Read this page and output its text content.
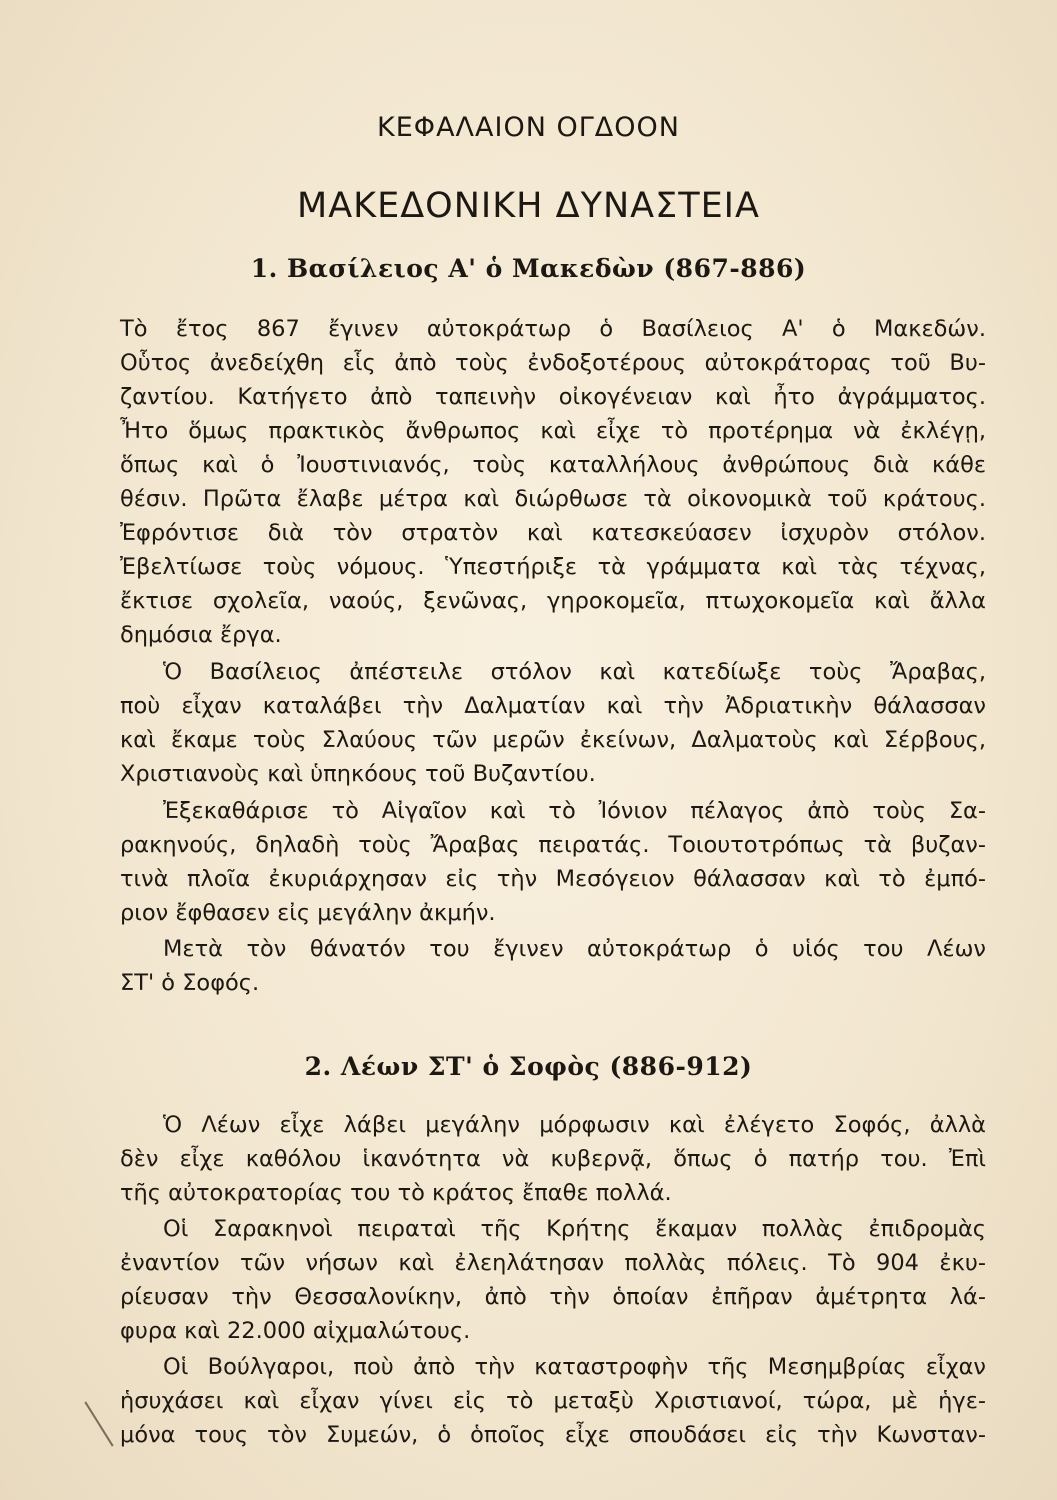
ΚΕΦΑΛΑΙΟΝ ΟΓΔΟΟΝ
ΜΑΚΕΔΟΝΙΚΗ ΔΥΝΑΣΤΕΙΑ
1. Βασίλειος Α' ὁ Μακεδὼν (867-886)
Τὸ ἔτος 867 ἔγινεν αὐτοκράτωρ ὁ Βασίλειος Α' ὁ Μακεδών.
Οὗτος ἀνεδείχθη εἷς ἀπὸ τοὺς ἐνδοξοτέρους αὐτοκράτορας τοῦ Βυ-
ζαντίου. Κατήγετο ἀπὸ ταπεινὴν οἰκογένειαν καὶ ἦτο ἀγράμματος.
Ἦτο ὅμως πρακτικὸς ἄνθρωπος καὶ εἶχε τὸ προτέρημα νὰ ἐκλέγῃ,
ὅπως καὶ ὁ Ἰουστινιανός, τοὺς καταλλήλους ἀνθρώπους διὰ κάθε
θέσιν. Πρῶτα ἔλαβε μέτρα καὶ διώρθωσε τὰ οἰκονομικὰ τοῦ κράτους.
Ἐφρόντισε διὰ τὸν στρατὸν καὶ κατεσκεύασεν ἰσχυρὸν στόλον.
Ἐβελτίωσε τοὺς νόμους. Ὑπεστήριξε τὰ γράμματα καὶ τὰς τέχνας,
ἔκτισε σχολεῖα, ναούς, ξενῶνας, γηροκομεῖα, πτωχοκομεῖα καὶ ἄλλα
δημόσια ἔργα.
Ὁ Βασίλειος ἀπέστειλε στόλον καὶ κατεδίωξε τοὺς Ἄραβας,
ποὺ εἶχαν καταλάβει τὴν Δαλματίαν καὶ τὴν Ἀδριατικὴν θάλασσαν
καὶ ἔκαμε τοὺς Σλαύους τῶν μερῶν ἐκείνων, Δαλματοὺς καὶ Σέρβους,
Χριστιανοὺς καὶ ὑπηκόους τοῦ Βυζαντίου.
Ἐξεκαθάρισε τὸ Αἰγαῖον καὶ τὸ Ἰόνιον πέλαγος ἀπὸ τοὺς Σα-
ρακηνούς, δηλαδὴ τοὺς Ἄραβας πειρατάς. Τοιουτοτρόπως τὰ βυζαν-
τινὰ πλοῖα ἐκυριάρχησαν εἰς τὴν Μεσόγειον θάλασσαν καὶ τὸ ἐμπό-
ριον ἔφθασεν εἰς μεγάλην ἀκμήν.
Μετὰ τὸν θάνατόν του ἔγινεν αὐτοκράτωρ ὁ υἱός του Λέων
ΣΤ' ὁ Σοφός.
2. Λέων ΣΤ' ὁ Σοφὸς (886-912)
Ὁ Λέων εἶχε λάβει μεγάλην μόρφωσιν καὶ ἐλέγετο Σοφός, ἀλλὰ
δὲν εἶχε καθόλου ἱκανότητα νὰ κυβερνᾷ, ὅπως ὁ πατήρ του. Ἐπὶ
τῆς αὐτοκρατορίας του τὸ κράτος ἔπαθε πολλά.
Οἱ Σαρακηνοὶ πειραταὶ τῆς Κρήτης ἔκαμαν πολλὰς ἐπιδρομὰς
ἐναντίον τῶν νήσων καὶ ἐλεηλάτησαν πολλὰς πόλεις. Τὸ 904 ἐκυ-
ρίευσαν τὴν Θεσσαλονίκην, ἀπὸ τὴν ὁποίαν ἐπῆραν ἀμέτρητα λά-
φυρα καὶ 22.000 αἰχμαλώτους.
Οἱ Βούλγαροι, ποὺ ἀπὸ τὴν καταστροφὴν τῆς Μεσημβρίας εἶχαν
ἡσυχάσει καὶ εἶχαν γίνει εἰς τὸ μεταξὺ Χριστιανοί, τώρα, μὲ ἡγε-
μόνα τους τὸν Συμεών, ὁ ὁποῖος εἶχε σπουδάσει εἰς τὴν Κωνσταν-
